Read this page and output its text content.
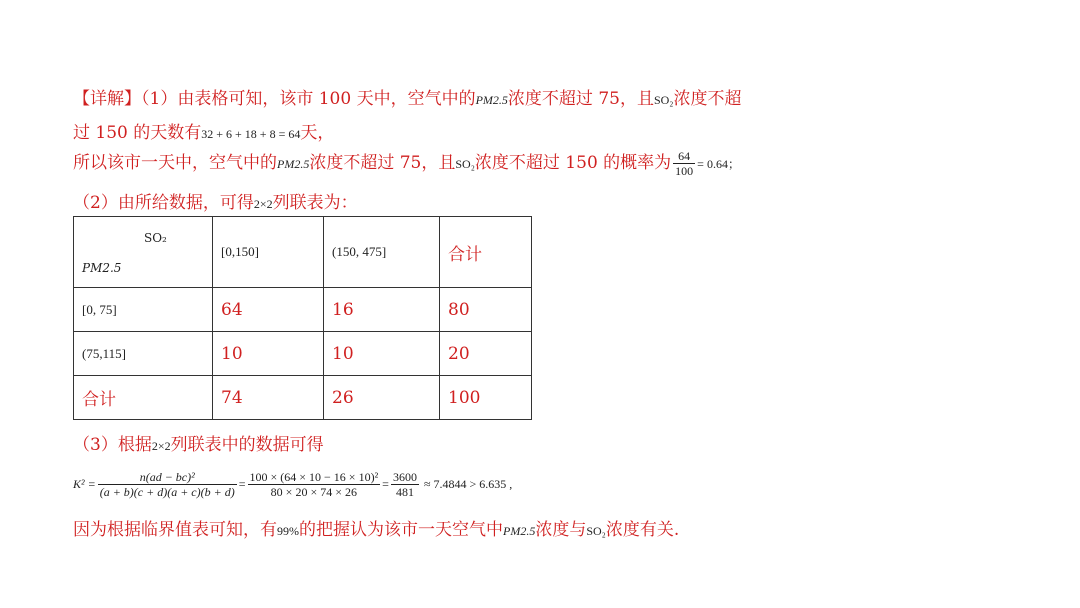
【详解】（1）由表格可知，该市 100 天中，空气中的PM2.5浓度不超过 75，且SO₂浓度不超
过 150 的天数有32 + 6 + 18 + 8 = 64天，
所以该市一天中，空气中的PM2.5浓度不超过 75，且SO₂浓度不超过 150 的概率为 $\frac{64}{100} = 0.64$；
（2）由所给数据，可得2×2列联表为：
SO₂
PM2.5	[0,150]	(150, 475]	合计
[0, 75]	64	16	80
(75,115]	10	10	20
合计	74	26	100
（3）根据2×2列联表中的数据可得
$K^2 = \frac{\text{n(ad − bc)²}}{(a + b)(c + d)(a + c)(b + d)} = \frac{\text{100 × (64 × 10 − 16 × 10)²}}{80 \times 20 \times 74 \times 26} = \frac{3600}{481} \approx 7.4844 > 6.635$ ,
因为根据临界值表可知，有99%的把握认为该市一天空气中PM2.5浓度与SO₂浓度有关.
